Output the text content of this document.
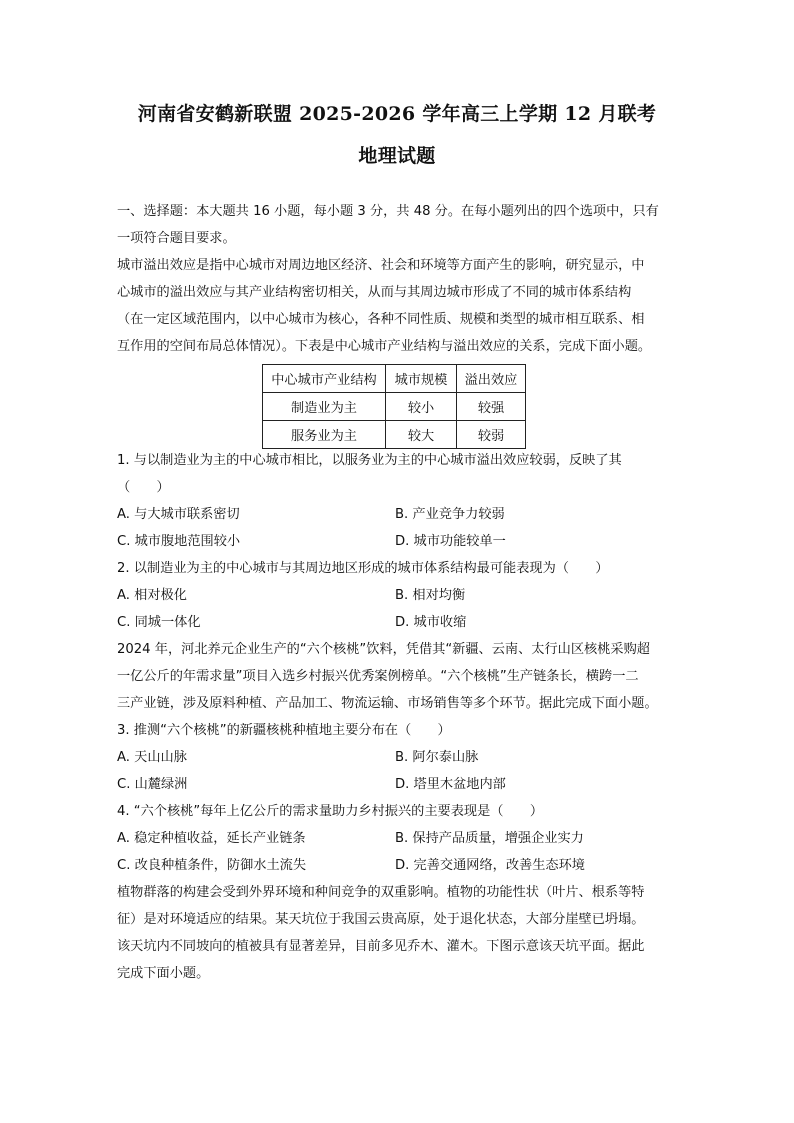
河南省安鹤新联盟 2025-2026 学年高三上学期 12 月联考
地理试题
一、选择题：本大题共 16 小题，每小题 3 分，共 48 分。在每小题列出的四个选项中，只有
一项符合题目要求。
城市溢出效应是指中心城市对周边地区经济、社会和环境等方面产生的影响，研究显示，中
心城市的溢出效应与其产业结构密切相关，从而与其周边城市形成了不同的城市体系结构
（在一定区域范围内，以中心城市为核心，各种不同性质、规模和类型的城市相互联系、相
互作用的空间布局总体情况）。下表是中心城市产业结构与溢出效应的关系，完成下面小题。
中心城市产业结构	城市规模	溢出效应
制造业为主	较小	较强
服务业为主	较大	较弱
1. 与以制造业为主的中心城市相比，以服务业为主的中心城市溢出效应较弱，反映了其
（　　）
A. 与大城市联系密切	B. 产业竞争力较弱
C. 城市腹地范围较小	D. 城市功能较单一
2. 以制造业为主的中心城市与其周边地区形成的城市体系结构最可能表现为（　　）
A. 相对极化	B. 相对均衡
C. 同城一体化	D. 城市收缩
2024 年，河北养元企业生产的“六个核桃”饮料，凭借其“新疆、云南、太行山区核桃采购超
一亿公斤的年需求量”项目入选乡村振兴优秀案例榜单。“六个核桃”生产链条长，横跨一二
三产业链，涉及原料种植、产品加工、物流运输、市场销售等多个环节。据此完成下面小题。
3. 推测“六个核桃”的新疆核桃种植地主要分布在（　　）
A. 天山山脉	B. 阿尔泰山脉
C. 山麓绿洲	D. 塔里木盆地内部
4. “六个核桃”每年上亿公斤的需求量助力乡村振兴的主要表现是（　　）
A. 稳定种植收益，延长产业链条	B. 保持产品质量，增强企业实力
C. 改良种植条件，防御水土流失	D. 完善交通网络，改善生态环境
植物群落的构建会受到外界环境和种间竞争的双重影响。植物的功能性状（叶片、根系等特
征）是对环境适应的结果。某天坑位于我国云贵高原，处于退化状态，大部分崖壁已坍塌。
该天坑内不同坡向的植被具有显著差异，目前多见乔木、灌木。下图示意该天坑平面。据此
完成下面小题。
